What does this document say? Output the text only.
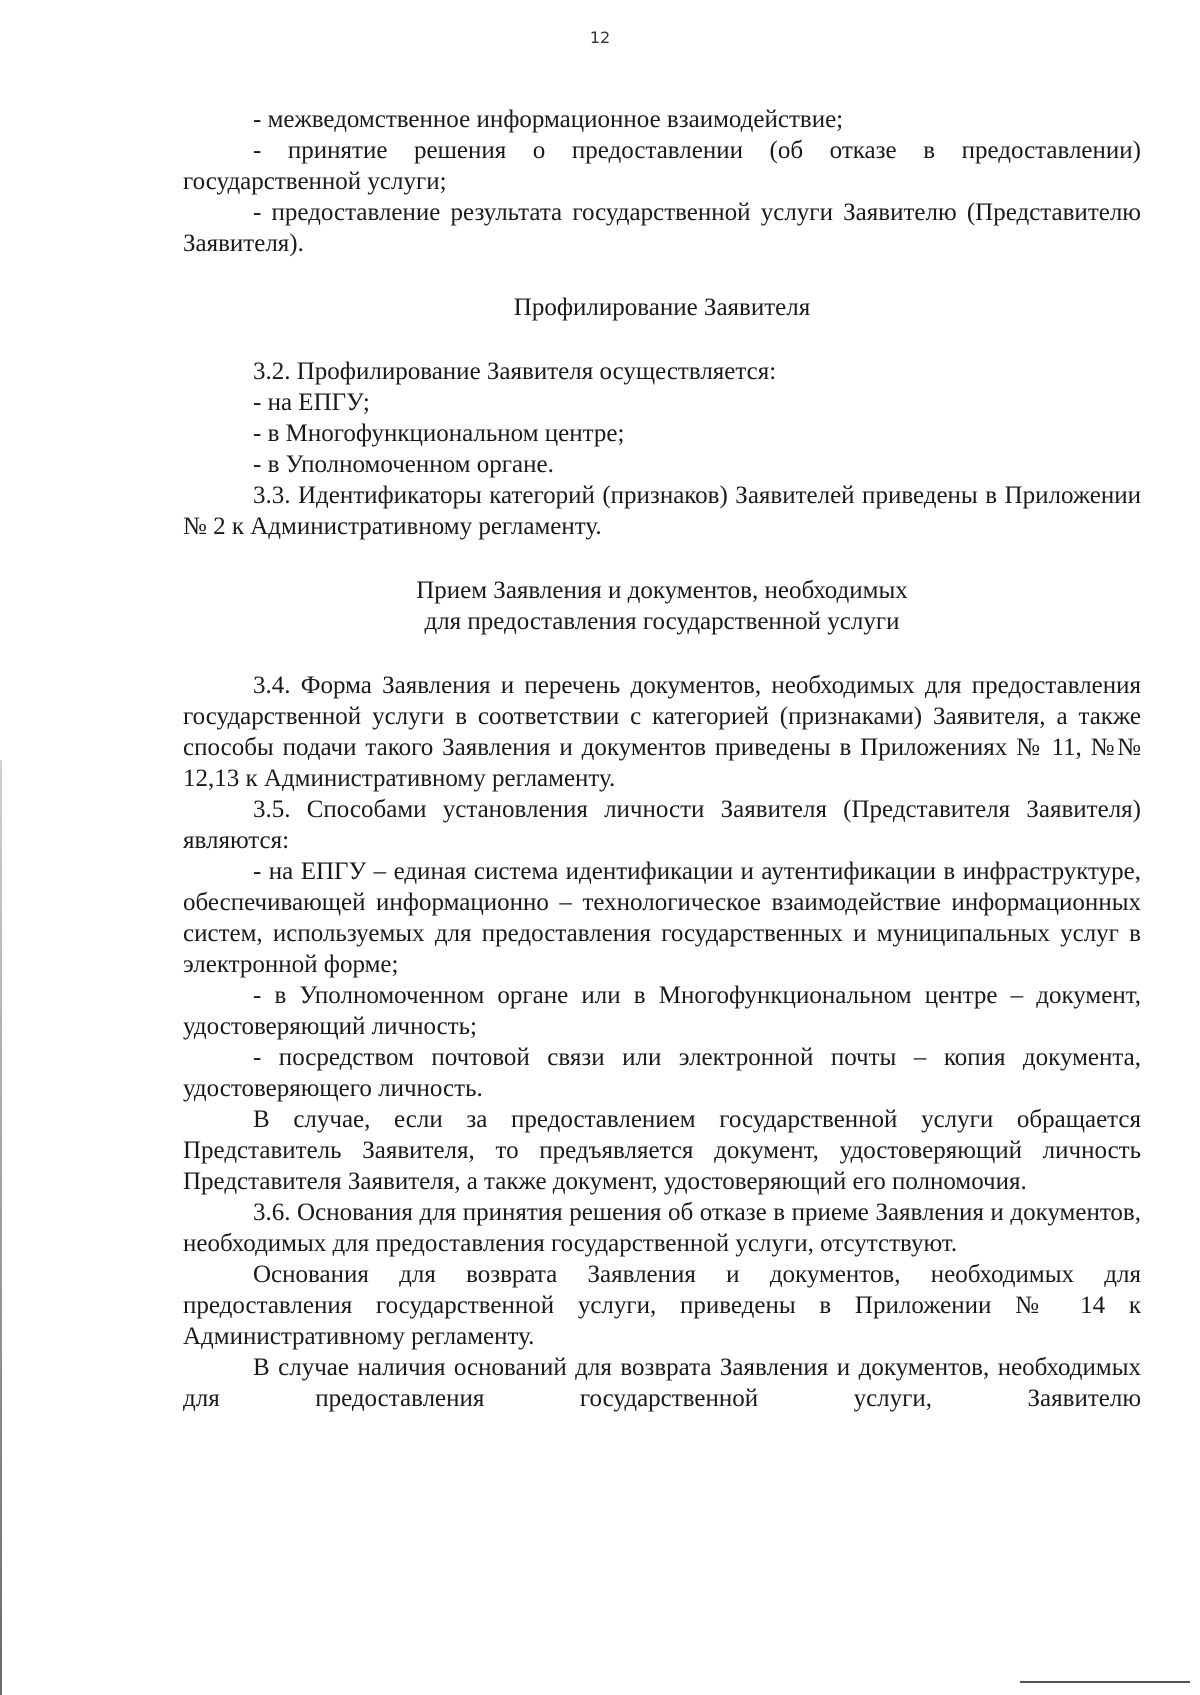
12

- межведомственное информационное взаимодействие;

- принятие решения о предоставлении (об отказе в предоставлении) государственной услуги;

- предоставление результата государственной услуги Заявителю (Представителю Заявителя).

Профилирование Заявителя

3.2. Профилирование Заявителя осуществляется:

- на ЕПГУ;

- в Многофункциональном центре;

- в Уполномоченном органе.

3.3. Идентификаторы категорий (признаков) Заявителей приведены в Приложении № 2 к Административному регламенту.

Прием Заявления и документов, необходимых

для предоставления государственной услуги

3.4. Форма Заявления и перечень документов, необходимых для предоставления государственной услуги в соответствии с категорией (признаками) Заявителя, а также способы подачи такого Заявления и документов приведены в Приложениях № 11, №№ 12,13 к Административному регламенту.

3.5. Способами установления личности Заявителя (Представителя Заявителя) являются:

- на ЕПГУ – единая система идентификации и аутентификации в инфраструктуре, обеспечивающей информационно – технологическое взаимодействие информационных систем, используемых для предоставления государственных и муниципальных услуг в электронной форме;

- в Уполномоченном органе или в Многофункциональном центре – документ, удостоверяющий личность;

- посредством почтовой связи или электронной почты – копия документа, удостоверяющего личность.

В случае, если за предоставлением государственной услуги обращается Представитель Заявителя, то предъявляется документ, удостоверяющий личность Представителя Заявителя, а также документ, удостоверяющий его полномочия.

3.6. Основания для принятия решения об отказе в приеме Заявления и документов, необходимых для предоставления государственной услуги, отсутствуют.

Основания для возврата Заявления и документов, необходимых для предоставления государственной услуги, приведены в Приложении № 14 к Административному регламенту.

В случае наличия оснований для возврата Заявления и документов, необходимых для предоставления государственной услуги, Заявителю
